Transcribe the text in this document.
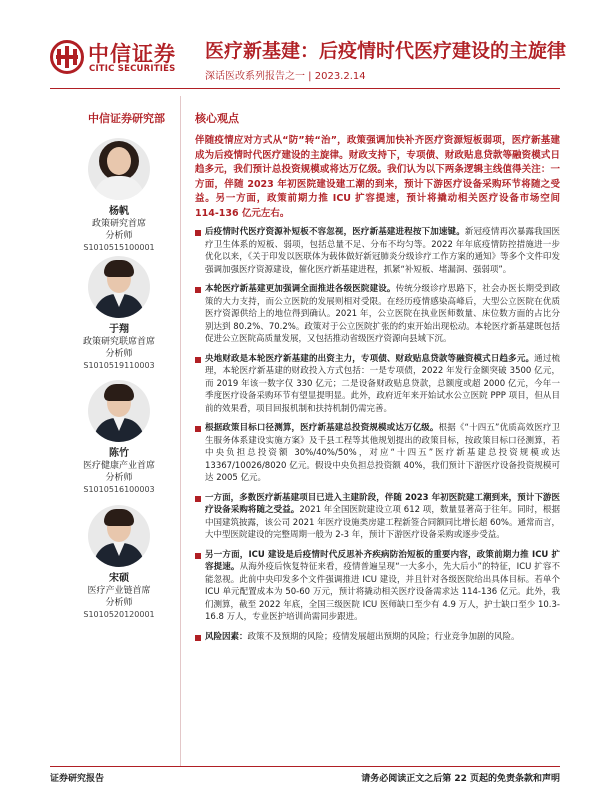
中信证券
CITIC SECURITIES
医疗新基建：后疫情时代医疗建设的主旋律
深话医改系列报告之一 | 2023.2.14
中信证券研究部	核心观点
杨帆
政策研究首席
分析师
S1010515100001
于翔
政策研究联席首席
分析师
S1010519110003
陈竹
医疗健康产业首席
分析师
S1010516100003
宋硕
医疗产业链首席
分析师
S1010520120001
伴随疫情应对方式从“防”转“治”，政策强调加快补齐医疗资源短板弱项，医疗新基建成为后疫情时代医疗建设的主旋律。财政支持下，专项债、财政贴息贷款等融资模式日趋多元，我们预计总投资规模或将达万亿级。我们认为以下两条逻辑主线值得关注：一方面，伴随 2023 年初医院建设建工潮的到来，预计下游医疗设备采购环节将随之受益。另一方面，政策前期力推 ICU 扩容提速，预计将撬动相关医疗设备市场空间 114-136 亿元左右。
后疫情时代医疗资源补短板不容忽视，医疗新基建进程按下加速键。新冠疫情再次暴露我国医疗卫生体系的短板、弱项，包括总量不足、分布不均匀等。2022 年年底疫情防控措施进一步优化以来，《关于印发以医联体为载体做好新冠肺炎分级诊疗工作方案的通知》等多个文件印发强调加强医疗资源建设，催化医疗新基建进程，抓紧“补短板、堵漏洞、强弱项”。
本轮医疗新基建更加强调全面推进各级医院建设。传统分级诊疗思路下，社会办医长期受到政策的大力支持，而公立医院的发展则相对受限。在经历疫情感染高峰后，大型公立医院在优质医疗资源供给上的地位得到确认。2021 年，公立医院在执业医师数量、床位数方面的占比分别达到 80.2%、70.2%。政策对于公立医院扩张的约束开始出现松动。本轮医疗新基建既包括促进公立医院高质量发展，又包括推动省级医疗资源向县域下沉。
央地财政是本轮医疗新基建的出资主力，专项债、财政贴息贷款等融资模式日趋多元。通过梳理，本轮医疗新基建的财政投入方式包括：一是专项债，2022 年发行金额突破 3500 亿元，而 2019 年该一数字仅 330 亿元；二是设备财政贴息贷款，总额度或超 2000 亿元，今年一季度医疗设备采购环节有望显提明显。此外，政府近年来开始试水公立医院 PPP 项目，但从目前的效果看，项目回报机制和扶持机制仍需完善。
根据政策目标口径测算，医疗新基建总投资规模或达万亿级。根据《“十四五”优质高效医疗卫生服务体系建设实施方案》及千县工程等其他规划提出的政策目标，按政策目标口径测算，若中央负担总投资额 30%/40%/50%，对应“十四五”医疗新基建总投资规模或达 13367/10026/8020 亿元。假设中央负担总投资额 40%，我们预计下游医疗设备投资规模可达 2005 亿元。
一方面，多数医疗新基建项目已进入主建阶段，伴随 2023 年初医院建工潮到来，预计下游医疗设备采购将随之受益。2021 年全国医院建设立项 612 项，数量显著高于往年。同时，根据中国建筑披露，该公司 2021 年医疗设施类房建工程新签合同额同比增长超 60%。通常而言，大中型医院建设的完整周期一般为 2-3 年，预计下游医疗设备采购或逐步受益。
另一方面，ICU 建设是后疫情时代反思补齐疾病防治短板的重要内容，政策前期力推 ICU 扩容提速。从海外疫后恢复特征来看，疫情普遍呈现“一大多小，先大后小”的特征，ICU 扩容不能忽视。此前中央印发多个文件强调推进 ICU 建设，并且针对各级医院给出具体目标。若单个 ICU 单元配置成本为 50-60 万元，预计将撬动相关医疗设备需求达 114-136 亿元。此外，我们测算，截至 2022 年底，全国三级医院 ICU 医师缺口至少有 4.9 万人，护士缺口至少 10.3-16.8 万人，专业医护培训尚需同步跟进。
风险因素：政策不及预期的风险；疫情发展超出预期的风险；行业竞争加剧的风险。
证券研究报告	请务必阅读正文之后第 22 页起的免责条款和声明
